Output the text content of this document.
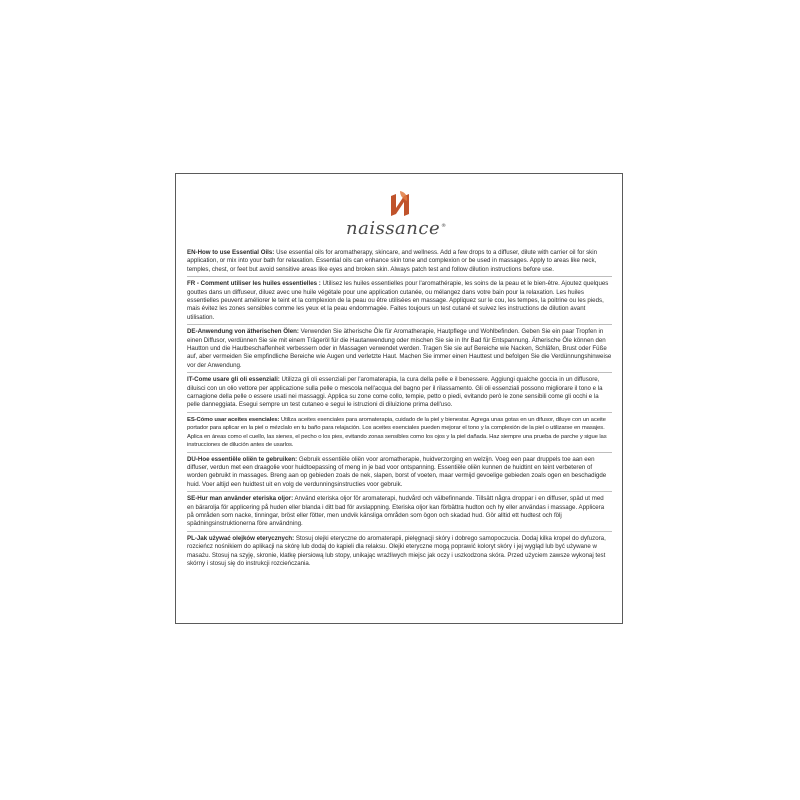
naissance®
EN-How to use Essential Oils: Use essential oils for aromatherapy, skincare, and wellness. Add a few drops to a diffuser, dilute with carrier oil for skin application, or mix into your bath for relaxation. Essential oils can enhance skin tone and complexion or be used in massages. Apply to areas like neck, temples, chest, or feet but avoid sensitive areas like eyes and broken skin. Always patch test and follow dilution instructions before use.
FR - Comment utiliser les huiles essentielles : Utilisez les huiles essentielles pour l'aromathérapie, les soins de la peau et le bien-être. Ajoutez quelques gouttes dans un diffuseur, diluez avec une huile végétale pour une application cutanée, ou mélangez dans votre bain pour la relaxation. Les huiles essentielles peuvent améliorer le teint et la complexion de la peau ou être utilisées en massage. Appliquez sur le cou, les tempes, la poitrine ou les pieds, mais évitez les zones sensibles comme les yeux et la peau endommagée. Faites toujours un test cutané et suivez les instructions de dilution avant utilisation.
DE-Anwendung von ätherischen Ölen: Verwenden Sie ätherische Öle für Aromatherapie, Hautpflege und Wohlbefinden. Geben Sie ein paar Tropfen in einen Diffusor, verdünnen Sie sie mit einem Trägeröl für die Hautanwendung oder mischen Sie sie in Ihr Bad für Entspannung. Ätherische Öle können den Hautton und die Hautbeschaffenheit verbessern oder in Massagen verwendet werden. Tragen Sie sie auf Bereiche wie Nacken, Schläfen, Brust oder Füße auf, aber vermeiden Sie empfindliche Bereiche wie Augen und verletzte Haut. Machen Sie immer einen Hauttest und befolgen Sie die Verdünnungshinweise vor der Anwendung.
IT-Come usare gli oli essenziali: Utilizza gli oli essenziali per l'aromaterapia, la cura della pelle e il benessere. Aggiungi qualche goccia in un diffusore, diluisci con un olio vettore per applicazione sulla pelle o mescola nell'acqua del bagno per il rilassamento. Gli oli essenziali possono migliorare il tono e la carnagione della pelle o essere usati nei massaggi. Applica su zone come collo, tempie, petto o piedi, evitando però le zone sensibili come gli occhi e la pelle danneggiata. Esegui sempre un test cutaneo e segui le istruzioni di diluizione prima dell'uso.
ES-Cómo usar aceites esenciales: Utiliza aceites esenciales para aromaterapia, cuidado de la piel y bienestar. Agrega unas gotas en un difusor, diluye con un aceite portador para aplicar en la piel o mézclalo en tu baño para relajación. Los aceites esenciales pueden mejorar el tono y la complexión de la piel o utilizarse en masajes. Aplica en áreas como el cuello, las sienes, el pecho o los pies, evitando zonas sensibles como los ojos y la piel dañada. Haz siempre una prueba de parche y sigue las instrucciones de dilución antes de usarlos.
DU-Hoe essentiële oliën te gebruiken: Gebruik essentiële oliën voor aromatherapie, huidverzorging en welzijn. Voeg een paar druppels toe aan een diffuser, verdun met een draagolie voor huidtoepassing of meng in je bad voor ontspanning. Essentiële oliën kunnen de huidtint en teint verbeteren of worden gebruikt in massages. Breng aan op gebieden zoals de nek, slapen, borst of voeten, maar vermijd gevoelige gebieden zoals ogen en beschadigde huid. Voer altijd een huidtest uit en volg de verdunningsinstructies voor gebruik.
SE-Hur man använder eteriska oljor: Använd eteriska oljor för aromaterapi, hudvård och välbefinnande. Tillsätt några droppar i en diffuser, späd ut med en bärarolja för applicering på huden eller blanda i ditt bad för avslappning. Eteriska oljor kan förbättra hudton och hy eller användas i massage. Applicera på områden som nacke, tinningar, bröst eller fötter, men undvik känsliga områden som ögon och skadad hud. Gör alltid ett hudtest och följ spädningsinstruktionerna före användning.
PL-Jak używać olejków eterycznych: Stosuj olejki eteryczne do aromaterapii, pielęgnacji skóry i dobrego samopoczucia. Dodaj kilka kropel do dyfuzora, rozcieńcz nośnikiem do aplikacji na skórę lub dodaj do kąpieli dla relaksu. Olejki eteryczne mogą poprawić koloryt skóry i jej wygląd lub być używane w masażu. Stosuj na szyję, skronie, klatkę piersiową lub stopy, unikając wrażliwych miejsc jak oczy i uszkodzona skóra. Przed użyciem zawsze wykonaj test skórny i stosuj się do instrukcji rozcieńczania.
